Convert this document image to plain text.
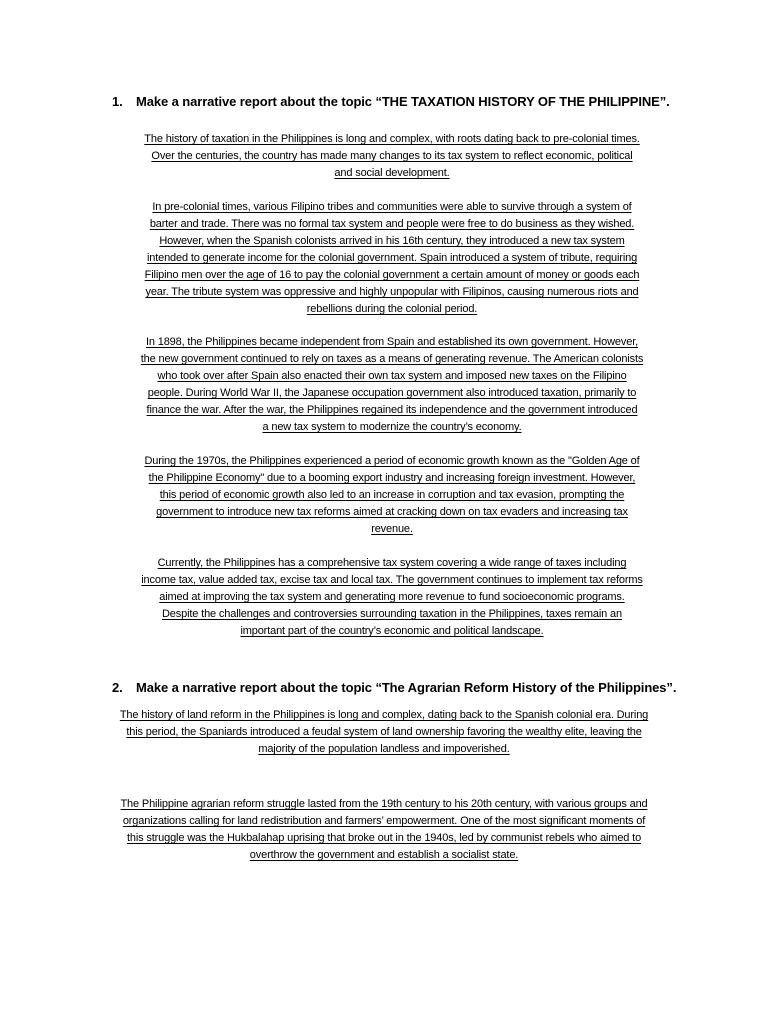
1. Make a narrative report about the topic “THE TAXATION HISTORY OF THE PHILIPPINE”.
The history of taxation in the Philippines is long and complex, with roots dating back to pre-colonial times.
Over the centuries, the country has made many changes to its tax system to reflect economic, political
and social development.
In pre-colonial times, various Filipino tribes and communities were able to survive through a system of
barter and trade. There was no formal tax system and people were free to do business as they wished.
However, when the Spanish colonists arrived in his 16th century, they introduced a new tax system
intended to generate income for the colonial government. Spain introduced a system of tribute, requiring
Filipino men over the age of 16 to pay the colonial government a certain amount of money or goods each
year. The tribute system was oppressive and highly unpopular with Filipinos, causing numerous riots and
rebellions during the colonial period.
In 1898, the Philippines became independent from Spain and established its own government. However,
the new government continued to rely on taxes as a means of generating revenue. The American colonists
who took over after Spain also enacted their own tax system and imposed new taxes on the Filipino
people. During World War II, the Japanese occupation government also introduced taxation, primarily to
finance the war. After the war, the Philippines regained its independence and the government introduced
a new tax system to modernize the country’s economy.
During the 1970s, the Philippines experienced a period of economic growth known as the "Golden Age of
the Philippine Economy" due to a booming export industry and increasing foreign investment. However,
this period of economic growth also led to an increase in corruption and tax evasion, prompting the
government to introduce new tax reforms aimed at cracking down on tax evaders and increasing tax
revenue.
Currently, the Philippines has a comprehensive tax system covering a wide range of taxes including
income tax, value added tax, excise tax and local tax. The government continues to implement tax reforms
aimed at improving the tax system and generating more revenue to fund socioeconomic programs.
Despite the challenges and controversies surrounding taxation in the Philippines, taxes remain an
important part of the country’s economic and political landscape.
2. Make a narrative report about the topic “The Agrarian Reform History of the Philippines”.
The history of land reform in the Philippines is long and complex, dating back to the Spanish colonial era. During
this period, the Spaniards introduced a feudal system of land ownership favoring the wealthy elite, leaving the
majority of the population landless and impoverished.
The Philippine agrarian reform struggle lasted from the 19th century to his 20th century, with various groups and
organizations calling for land redistribution and farmers’ empowerment. One of the most significant moments of
this struggle was the Hukbalahap uprising that broke out in the 1940s, led by communist rebels who aimed to
overthrow the government and establish a socialist state.
